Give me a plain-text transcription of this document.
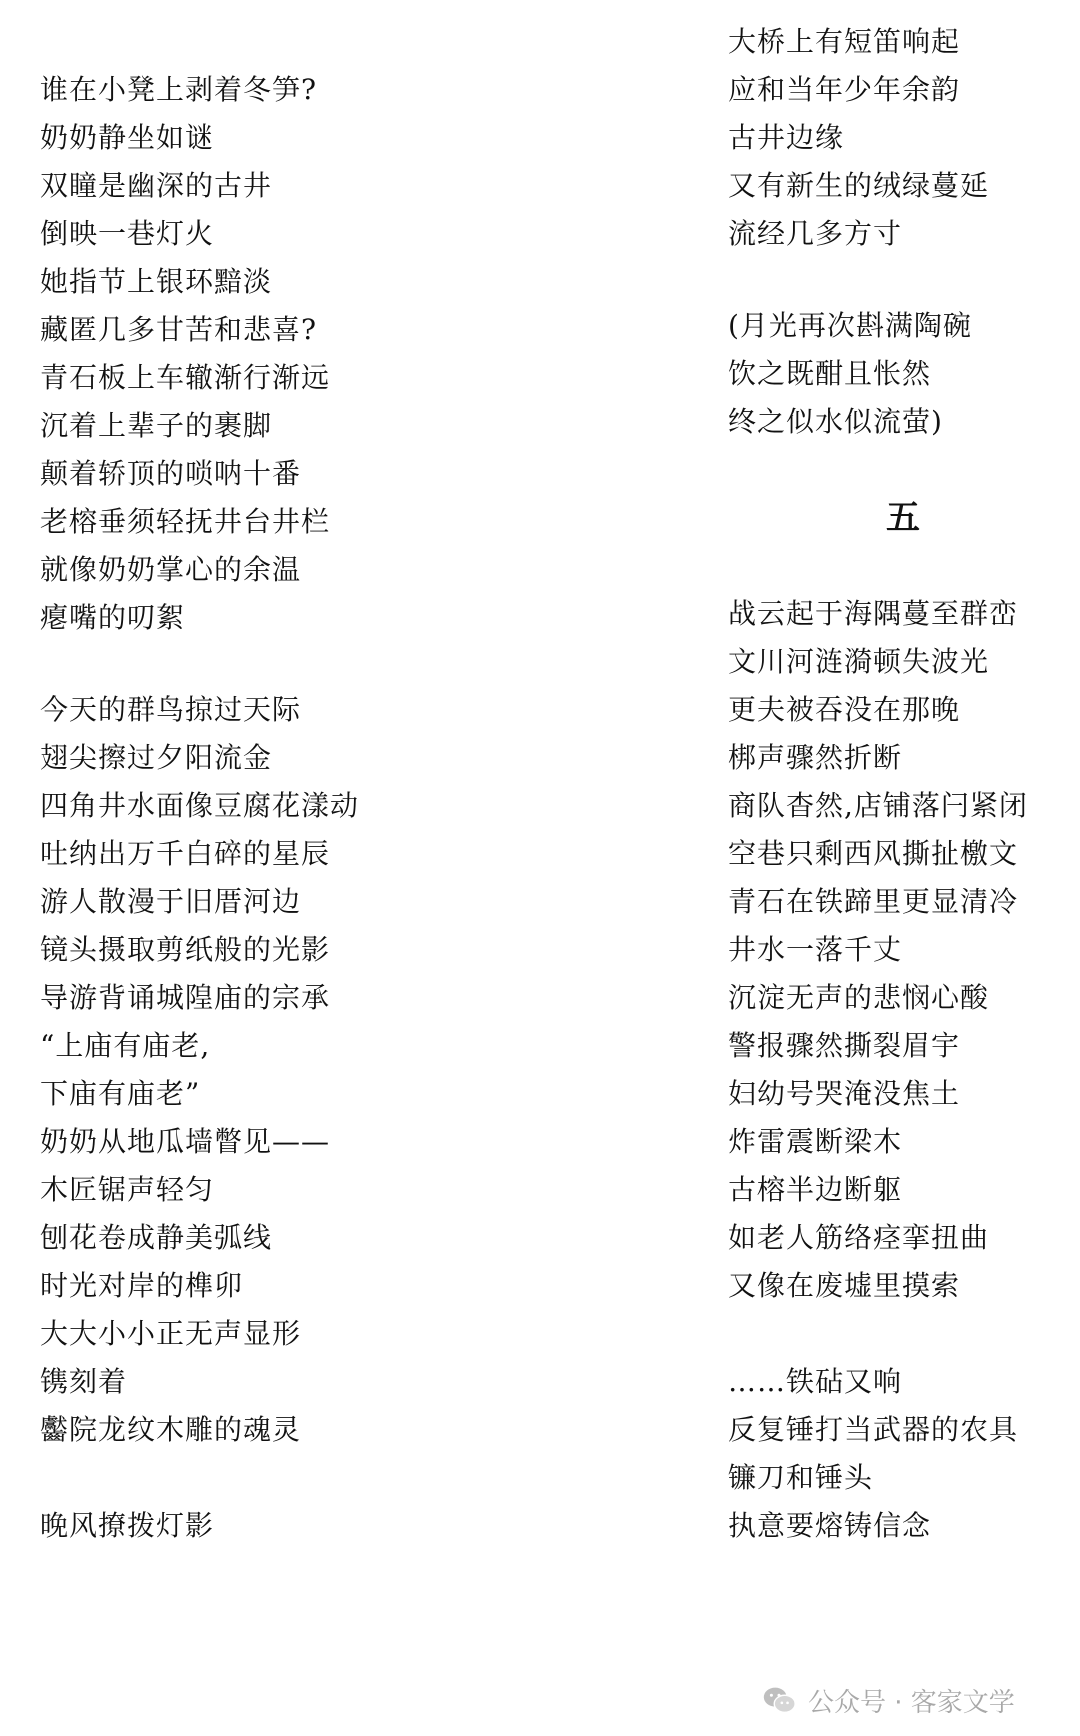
谁在小凳上剥着冬笋?
奶奶静坐如谜
双瞳是幽深的古井
倒映一巷灯火
她指节上银环黯淡
藏匿几多甘苦和悲喜?
青石板上车辙渐行渐远
沉着上辈子的裹脚
颠着轿顶的唢呐十番
老榕垂须轻抚井台井栏
就像奶奶掌心的余温
瘪嘴的叨絮
今天的群鸟掠过天际
翅尖擦过夕阳流金
四角井水面像豆腐花漾动
吐纳出万千白碎的星辰
游人散漫于旧厝河边
镜头摄取剪纸般的光影
导游背诵城隍庙的宗承
“上庙有庙老,
下庙有庙老”
奶奶从地瓜墙瞥见——
木匠锯声轻匀
刨花卷成静美弧线
时光对岸的榫卯
大大小小正无声显形
镌刻着
齾院龙纹木雕的魂灵
晚风撩拨灯影
大桥上有短笛响起
应和当年少年余韵
古井边缘
又有新生的绒绿蔓延
流经几多方寸
(月光再次斟满陶碗
饮之既酣且怅然
终之似水似流萤)
五
战云起于海隅蔓至群峦
文川河涟漪顿失波光
更夫被吞没在那晚
梆声骤然折断
商队杳然,店铺落闩紧闭
空巷只剩西风撕扯檄文
青石在铁蹄里更显清冷
井水一落千丈
沉淀无声的悲悯心酸
警报骤然撕裂眉宇
妇幼号哭淹没焦土
炸雷震断梁木
古榕半边断躯
如老人筋络痉挛扭曲
又像在废墟里摸索
……铁砧又响
反复锤打当武器的农具
镰刀和锤头
执意要熔铸信念
公众号 · 客家文学
